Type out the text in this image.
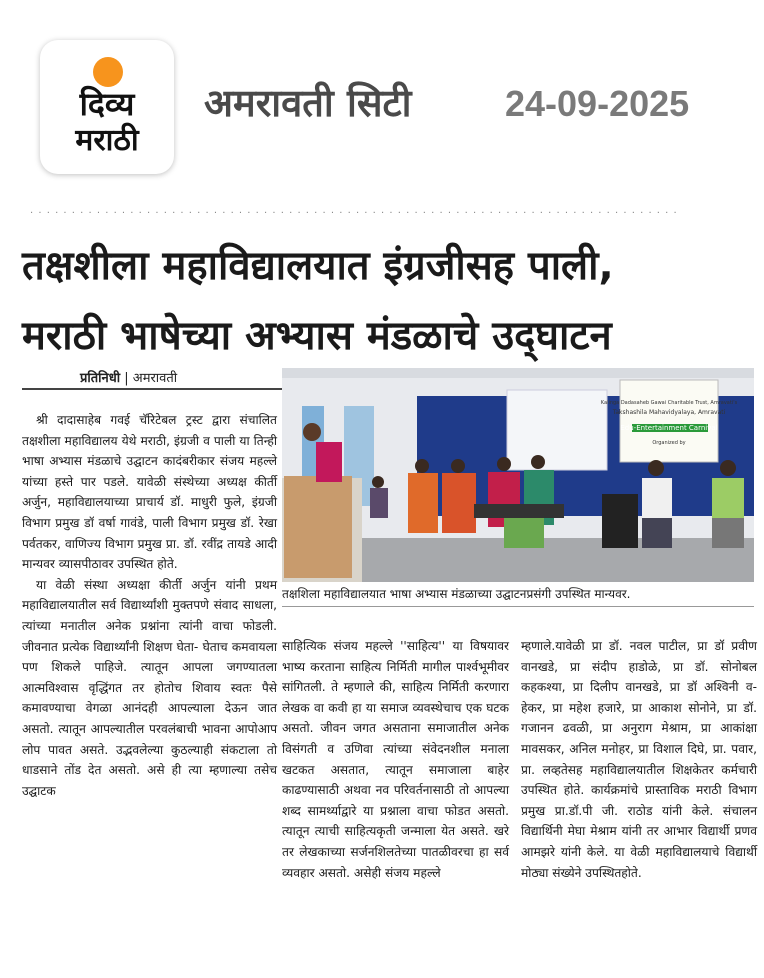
दिव्य
मराठी
अमरावती सिटी	24-09-2025
· · · · · · · · · · · · · · · · · · · · · · · · · · · · · · · · · · · · · · · · · · · · · · · · · · · · · · · · · · · · · · · · · · · · · · · · · · · · · ·
तक्षशीला महाविद्यालयात इंग्रजीसह पाली,
मराठी भाषेच्या अभ्यास मंडळाचे उद्‌घाटन
प्रतिनिधी | अमरावती

श्री दादासाहेब गवई चॅरिटेबल ट्रस्ट द्वारा संचालित तक्षशीला महाविद्यालय येथे मराठी, इंग्रजी व पाली या तिन्ही भाषा अभ्यास मंडळाचे उद्घाटन कादंबरीकार संजय महल्ले यांच्या हस्ते पार पडले. यावेळी संस्थेच्या अध्यक्ष कीर्ती अर्जुन, महाविद्यालयाच्या प्राचार्य डॉ. माधुरी फुले, इंग्रजी विभाग प्रमुख डॉ वर्षा गावंडे, पाली विभाग प्रमुख डॉ. रेखा पर्वतकर, वाणिज्य विभाग प्रमुख प्रा. डॉ. रवींद्र तायडे आदी मान्यवर व्यासपीठावर उपस्थित होते.

या वेळी संस्था अध्यक्षा कीर्ती अर्जुन यांनी प्रथम महाविद्यालयातील सर्व विद्यार्थ्यांशी मुक्तपणे संवाद साधला, त्यांच्या मनातील अनेक प्रश्नांना त्यांनी वाचा फोडली. जीवनात प्रत्येक विद्यार्थ्यांनी शिक्षण घेता- घेताच कमवायला पण शिकले पाहिजे. त्यातून आपला जगण्यातला आत्मविश्वास वृद्धिंगत तर होतोच शिवाय स्वतः पैसे कमावण्याचा वेगळा आनंदही आपल्याला देऊन जात असतो. त्यातून आपल्यातील परवलंबाची भावना आपोआप लोप पावत असते. उद्भवलेल्या कुठल्याही संकटाला तो धाडसाने तोंड देत असतो. असे ही त्या म्हणाल्या तसेच उद्घाटक

Kalinga Dadasaheb Gawai Charitable Trust, Amravati's
Takshashila Mahavidyalaya, Amravati
Edu-Entertainment Carnival
Organized by
तक्षशिला महाविद्यालयात भाषा अभ्यास मंडळाच्या उद्घाटनप्रसंगी उपस्थित मान्यवर.

साहित्यिक संजय महल्ले ''साहित्य'' या विषयावर भाष्य करताना साहित्य निर्मिती मागील पार्श्वभूमीवर सांगितली. ते म्हणाले की, साहित्य निर्मिती करणारा लेखक वा कवी हा या समाज व्यवस्थेचाच एक घटक असतो. जीवन जगत असताना समाजातील अनेक विसंगती व उणिवा त्यांच्या संवेदनशील मनाला खटकत असतात, त्यातून समाजाला बाहेर काढण्यासाठी अथवा नव परिवर्तनासाठी तो आपल्या शब्द सामर्थ्याद्वारे या प्रश्नाला वाचा फोडत असतो. त्यातून त्याची साहित्यकृती जन्माला येत असते. खरे तर लेखकाच्या सर्जनशिलतेच्या पातळीवरचा हा सर्व व्यवहार असतो. असेही संजय महल्ले

म्हणाले.यावेळी प्रा डॉ. नवल पाटील, प्रा डॉ प्रवीण वानखडे, प्रा संदीप हाडोळे, प्रा डॉ. सोनोबल कहकश्या, प्रा दिलीप वानखडे, प्रा डॉ अश्विनी व-हेकर, प्रा महेश हजारे, प्रा आकाश सोनोने, प्रा डॉ. गजानन ढवळी, प्रा अनुराग मेश्राम, प्रा आकांक्षा मावसकर, अनिल मनोहर, प्रा विशाल दिघे, प्रा. पवार, प्रा. लव्हतेसह महाविद्यालयातील शिक्षकेतर कर्मचारी उपस्थित होते. कार्यक्रमांचे प्रास्ताविक मराठी विभाग प्रमुख प्रा.डॉ.पी जी. राठोड यांनी केले. संचालन विद्यार्थिनी मेघा मेश्राम यांनी तर आभार विद्यार्थी प्रणव आमझरे यांनी केले. या वेळी महाविद्यालयाचे विद्यार्थी मोठ्या संख्येने उपस्थितहोते.
